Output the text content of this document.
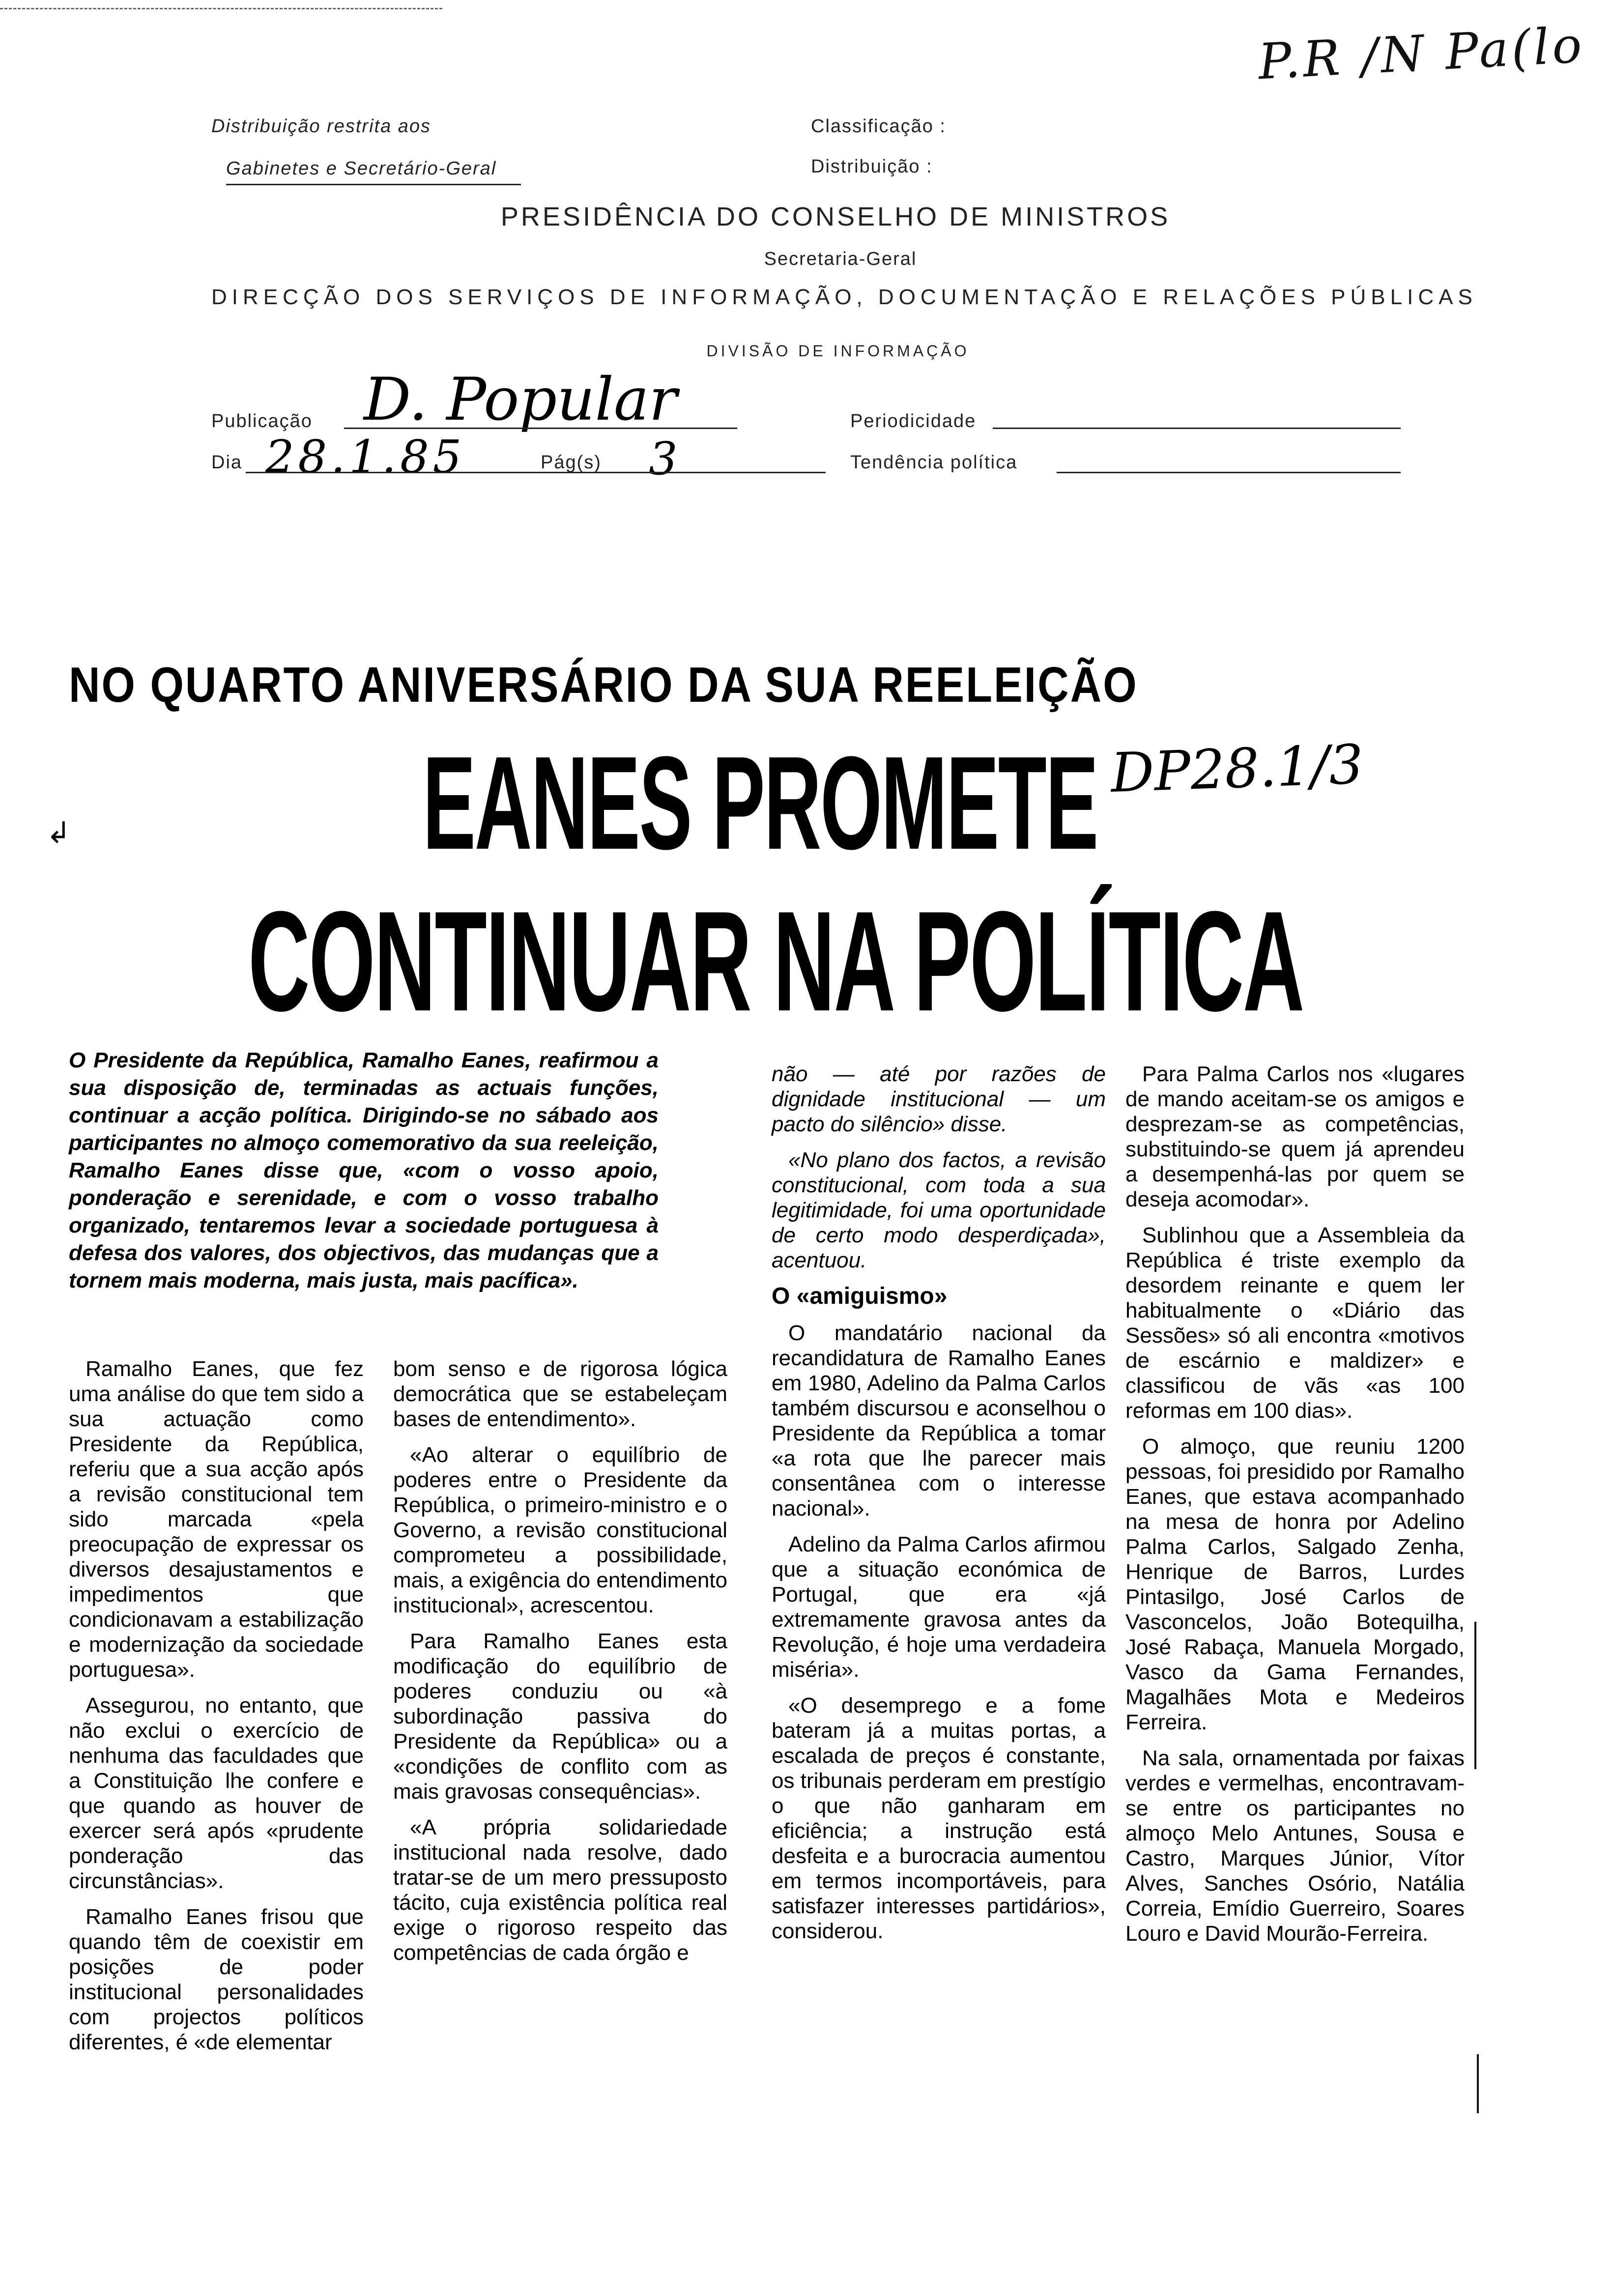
P.R /N Pa(lo
Distribuição restrita aos
Gabinetes e Secretário-Geral
Classificação :
Distribuição :
PRESIDÊNCIA DO CONSELHO DE MINISTROS
Secretaria-Geral
DIRECÇÃO DOS SERVIÇOS DE INFORMAÇÃO, DOCUMENTAÇÃO E RELAÇÕES PÚBLICAS
DIVISÃO DE INFORMAÇÃO
Publicação D. Popular	Periodicidade
Dia 28.1.85	Pág(s) 3	Tendência política
NO QUARTO ANIVERSÁRIO DA SUA REELEIÇÃO
EANES PROMETE DP28.1/3
↲
CONTINUAR NA POLÍTICA
O Presidente da República, Ramalho Eanes, reafirmou a sua disposição de, terminadas as actuais funções, continuar a acção política. Dirigindo-se no sábado aos participantes no almoço comemorativo da sua reeleição, Ramalho Eanes disse que, «com o vosso apoio, ponderação e serenidade, e com o vosso trabalho organizado, tentaremos levar a sociedade portuguesa à defesa dos valores, dos objectivos, das mudanças que a tornem mais moderna, mais justa, mais pacífica».

Ramalho Eanes, que fez uma análise do que tem sido a sua actuação como Presidente da República, referiu que a sua acção após a revisão constitucional tem sido marcada «pela preocupação de expressar os diversos desajustamentos e impedimentos que condicionavam a estabilização e modernização da sociedade portuguesa».

Assegurou, no entanto, que não exclui o exercício de nenhuma das faculdades que a Constituição lhe confere e que quando as houver de exercer será após «prudente ponderação das circunstâncias».

Ramalho Eanes frisou que quando têm de coexistir em posições de poder institucional personalidades com projectos políticos diferentes, é «de elementar

bom senso e de rigorosa lógica democrática que se estabeleçam bases de entendimento».

«Ao alterar o equilíbrio de poderes entre o Presidente da República, o primeiro-ministro e o Governo, a revisão constitucional comprometeu a possibilidade, mais, a exigência do entendimento institucional», acrescentou.

Para Ramalho Eanes esta modificação do equilíbrio de poderes conduziu ou «à subordinação passiva do Presidente da República» ou a «condições de conflito com as mais gravosas consequências».

«A própria solidariedade institucional nada resolve, dado tratar-se de um mero pressuposto tácito, cuja existência política real exige o rigoroso respeito das competências de cada órgão e

não — até por razões de dignidade institucional — um pacto do silêncio» disse.

«No plano dos factos, a revisão constitucional, com toda a sua legitimidade, foi uma oportunidade de certo modo desperdiçada», acentuou.

O «amiguismo»

O mandatário nacional da recandidatura de Ramalho Eanes em 1980, Adelino da Palma Carlos também discursou e aconselhou o Presidente da República a tomar «a rota que lhe parecer mais consentânea com o interesse nacional».

Adelino da Palma Carlos afirmou que a situação económica de Portugal, que era «já extremamente gravosa antes da Revolução, é hoje uma verdadeira miséria».

«O desemprego e a fome bateram já a muitas portas, a escalada de preços é constante, os tribunais perderam em prestígio o que não ganharam em eficiência; a instrução está desfeita e a burocracia aumentou em termos incomportáveis, para satisfazer interesses partidários», considerou.

Para Palma Carlos nos «lugares de mando aceitam-se os amigos e desprezam-se as competências, substituindo-se quem já aprendeu a desempenhá-las por quem se deseja acomodar».

Sublinhou que a Assembleia da República é triste exemplo da desordem reinante e quem ler habitualmente o «Diário das Sessões» só ali encontra «motivos de escárnio e maldizer» e classificou de vãs «as 100 reformas em 100 dias».

O almoço, que reuniu 1200 pessoas, foi presidido por Ramalho Eanes, que estava acompanhado na mesa de honra por Adelino Palma Carlos, Salgado Zenha, Henrique de Barros, Lurdes Pintasilgo, José Carlos de Vasconcelos, João Botequilha, José Rabaça, Manuela Morgado, Vasco da Gama Fernandes, Magalhães Mota e Medeiros Ferreira.

Na sala, ornamentada por faixas verdes e vermelhas, encontravam-se entre os participantes no almoço Melo Antunes, Sousa e Castro, Marques Júnior, Vítor Alves, Sanches Osório, Natália Correia, Emídio Guerreiro, Soares Louro e David Mourão-Ferreira.
